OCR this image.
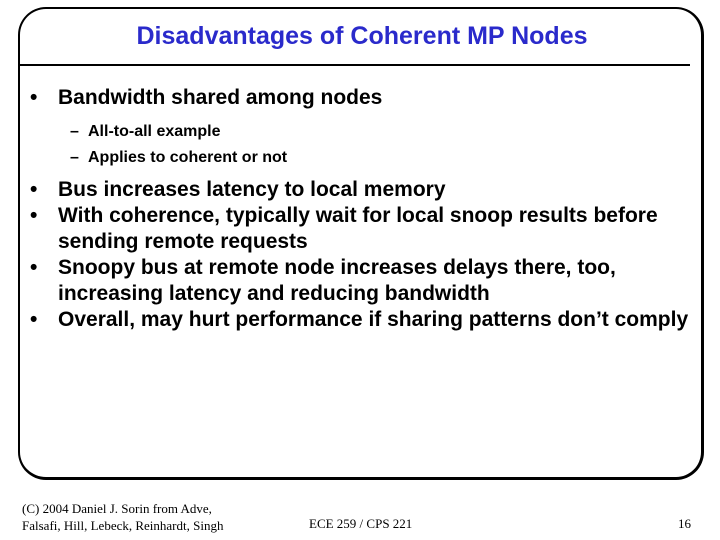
Disadvantages of Coherent MP Nodes
• Bandwidth shared among nodes
– All-to-all example
– Applies to coherent or not
• Bus increases latency to local memory
• With coherence, typically wait for local snoop results before sending remote requests
• Snoopy bus at remote node increases delays there, too, increasing latency and reducing bandwidth
• Overall, may hurt performance if sharing patterns don’t comply
(C) 2004 Daniel J. Sorin from Adve,
Falsafi, Hill, Lebeck, Reinhardt, Singh	ECE 259 / CPS 221	16
